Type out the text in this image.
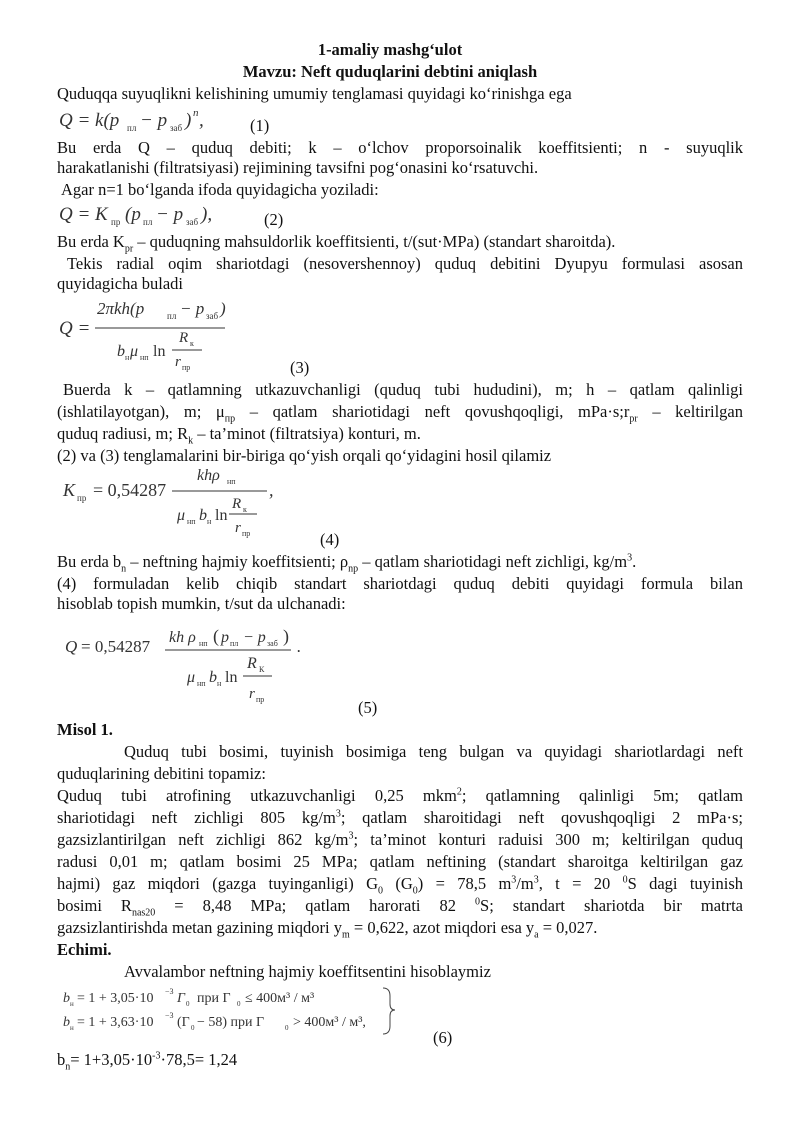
1-amaliy mashg‘ulot
Mavzu: Neft quduqlarini debtini aniqlash
Quduqqa suyuqlikni kelishining umumiy tenglamasi quyidagi ko‘rinishga ega
Q = k(p пл − p заб ) n ,	(1)
Bu erda Q – quduq debiti; k – o‘lchov proporsoinalik koeffitsienti; n - suyuqlik
harakatlanishi (filtratsiyasi) rejimining tavsifni pog‘onasini ko‘rsatuvchi.
Agar n=1 bo‘lganda ifoda quyidagicha yoziladi:
Q = K пр (p пл − p заб ),	(2)
Bu erda $K_{pr}$ – quduqning mahsuldorlik koeffitsienti, t/(sut·MPa) (standart sharoitda).
Tekis radial oqim shariotdagi (nesovershennoy) quduq debitini Dyupyu formulasi asosan
quyidagicha buladi
Q =
2πkh(p	пл − p заб )
R к
b н μ нп ln
r пр	(3)
Buerda k – qatlamning utkazuvchanligi (quduq tubi hududini), m; h – qatlam qalinligi
(ishlatilayotgan), m; $\mu_{пр}$ – qatlam shariotidagi neft qovushqoqligi, $mPa\cdot s;r_{pr}$ – keltirilgan
quduq radiusi, m; $R_k$ – ta’minot (filtratsiya) konturi, m.
(2) va (3) tenglamalarini bir-biriga qo‘yish orqali qo‘yidagini hosil qilamiz
K пр = 0,54287
khρ нп ,
R к
μ нп b н ln
r пр	(4)
Bu erda $b_n$ – neftning hajmiy koeffitsienti; $\rho_{np}$ – qatlam shariotidagi neft zichligi, $kg/m^3$.
(4) formuladan kelib chiqib standart shariotdagi quduq debiti quyidagi formula bilan
hisoblab topish mumkin, t/sut da ulchanadi:
Q = 0,54287 kh ρ нп ( p пл − p заб )
.
R К
μ нп b н ln
r пр	(5)
Misol 1.
Quduq tubi bosimi, tuyinish bosimiga teng bulgan va quyidagi shariotlardagi neft
quduqlarining debitini topamiz:
Quduq tubi atrofining utkazuvchanligi 0,25 mkm$^2$; qatlamning qalinligi 5m; qatlam
shariotidagi neft zichligi 805 $kg/m^3$; qatlam sharoitidagi neft qovushqoqligi 2 mPa·s;
gazsizlantirilgan neft zichligi 862 $kg/m^3$; ta’minot konturi raduisi 300 m; keltirilgan quduq
radusi 0,01 m; qatlam bosimi 25 MPa; qatlam neftining (standart sharoitga keltirilgan gaz
hajmi) gaz miqdori (gazga tuyinganligi) $G_0$ $(G_0) = 78,5$ $m^3/m^3$, t = 20 $^0$S dagi tuyinish
bosimi $R_{nas20} = 8,48$ MPa; qatlam harorati 82 $^0$S; standart shariotda bir matrta
gazsizlantirishda metan gazining miqdori $y_m = 0,622$, azot miqdori esa $y_a = 0,027$.
Echimi.
Avvalambor neftning hajmiy koeffitsentini hisoblaymiz
b н = 1 + 3,05·10 −3 Γ 0 при Γ 0 ≤ 400м³ / м³
b н = 1 + 3,63·10 −3 (Γ 0 − 58) при Γ	0 > 400м³ / м³,
(6)
$b_n= 1+3,05\cdot 10^{-3}\cdot 78,5= 1,24$
